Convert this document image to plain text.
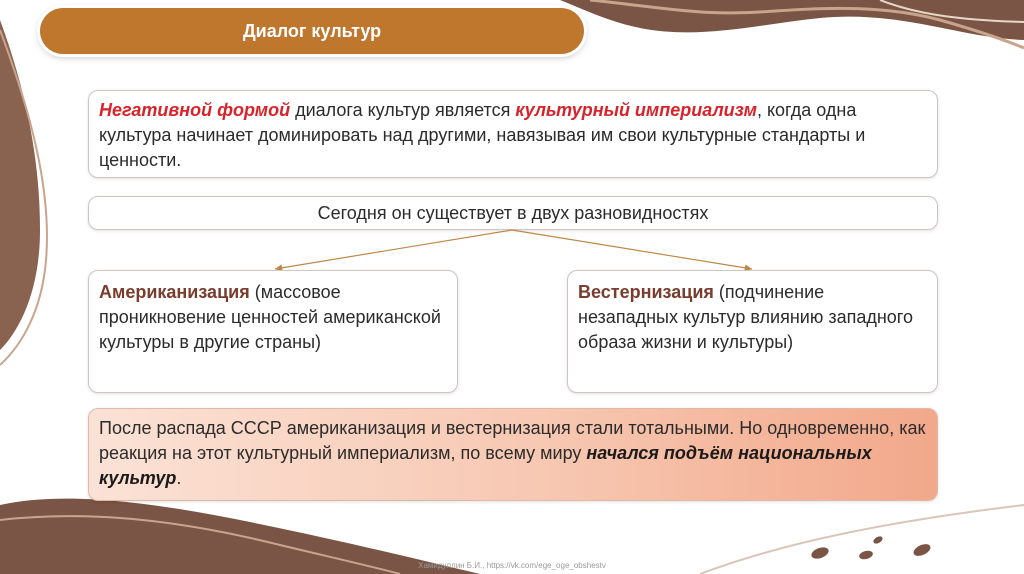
Диалог культур
Негативной формой диалога культур является культурный империализм, когда одна культура начинает доминировать над другими, навязывая им свои культурные стандарты и ценности.
Сегодня он существует в двух разновидностях
Американизация (массовое проникновение ценностей американской культуры в другие страны)
Вестернизация (подчинение незападных культур влиянию западного образа жизни и культуры)
После распада СССР американизация и вестернизация стали тотальными. Но одновременно, как реакция на этот культурный империализм, по всему миру начался подъём национальных культур.
Хамидуллин Б.И., https://vk.com/ege_oge_obshestv
